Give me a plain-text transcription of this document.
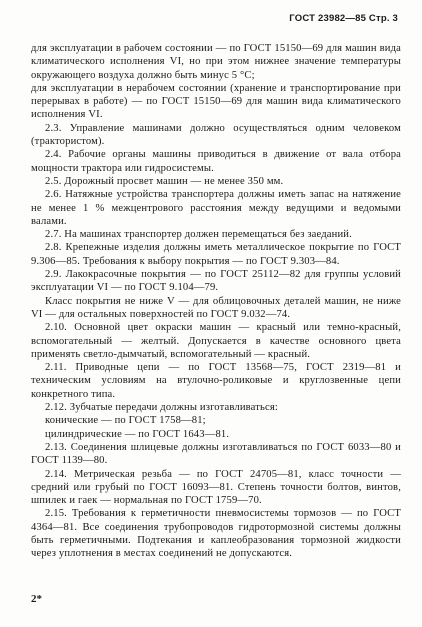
ГОСТ 23982—85 Стр. 3

для эксплуатации в рабочем состоянии — по ГОСТ 15150—69 для машин вида климатического исполнения VI, но при этом нижнее значение температуры окружающего воздуха должно быть минус 5 °C;

для эксплуатации в нерабочем состоянии (хранение и транспортирование при перерывах в работе) — по ГОСТ 15150—69 для машин вида климатического исполнения VI.

2.3. Управление машинами должно осуществляться одним человеком (трактористом).

2.4. Рабочие органы машины приводиться в движение от вала отбора мощности трактора или гидросистемы.

2.5. Дорожный просвет машин — не менее 350 мм.

2.6. Натяжные устройства транспортера должны иметь запас на натяжение не менее 1 % межцентрового расстояния между ведущими и ведомыми валами.

2.7. На машинах транспортер должен перемещаться без заеданий.

2.8. Крепежные изделия должны иметь металлическое покрытие по ГОСТ 9.306—85. Требования к выбору покрытия — по ГОСТ 9.303—84.

2.9. Лакокрасочные покрытия — по ГОСТ 25112—82 для группы условий эксплуатации VI — по ГОСТ 9.104—79.

Класс покрытия не ниже V — для облицовочных деталей машин, не ниже VI — для остальных поверхностей по ГОСТ 9.032—74.

2.10. Основной цвет окраски машин — красный или темно-красный, вспомогательный — желтый. Допускается в качестве основного цвета применять светло-дымчатый, вспомогательный — красный.

2.11. Приводные цепи — по ГОСТ 13568—75, ГОСТ 2319—81 и техническим условиям на втулочно-роликовые и круглозвенные цепи конкретного типа.

2.12. Зубчатые передачи должны изготавливаться:

конические — по ГОСТ 1758—81;

цилиндрические — по ГОСТ 1643—81.

2.13. Соединения шлицевые должны изготавливаться по ГОСТ 6033—80 и ГОСТ 1139—80.

2.14. Метрическая резьба — по ГОСТ 24705—81, класс точности — средний или грубый по ГОСТ 16093—81. Степень точности болтов, винтов, шпилек и гаек — нормальная по ГОСТ 1759—70.

2.15. Требования к герметичности пневмосистемы тормозов — по ГОСТ 4364—81. Все соединения трубопроводов гидротормозной системы должны быть герметичными. Подтекания и каплеобразования тормозной жидкости через уплотнения в местах соединений не допускаются.

2*
